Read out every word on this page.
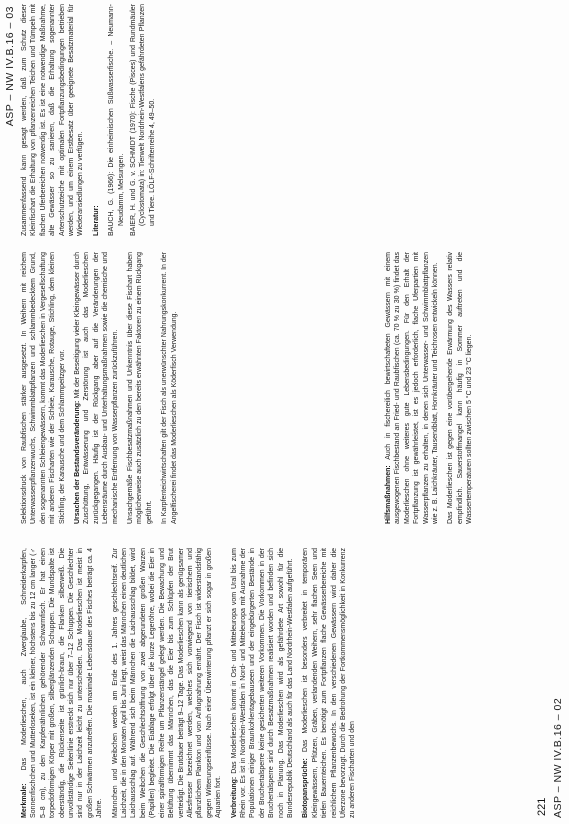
ASP – NW IV.B.16 – 03
ASP – NW IV.B.16 – 02
221

Merkmale: Das Moderlieschen, auch Zwerglaube, Schneiderkarpfen, Sonnenfischchen und Mutterloseken, ist ein kleiner, höchstens bis zu 12 cm langer (♂ 5–8 cm), zu den Karpfenähnlichen gehörender Schwarmfisch. Er hat einen torpedoförmigen Körper mit großen, silberglänzenden Schuppen. Die Mundspalte ist oberständig, die Rückenseite ist grünlich-braun, die Flanken silberweiß. Die unvollständige Seitenlinie erstreckt sich nur über 7–12 Schuppen. Die Geschlechter sind nur in der Laichzeit leicht zu unterscheiden. Das Moderlieschen ist meist in großen Schwärmen anzutreffen. Die maximale Lebensdauer des Fisches beträgt ca. 4 Jahre. Männchen und Weibchen werden am Ende des 1. Jahres geschlechtsreif. Zur Laichzeit, die in den Monaten April bis Juni liegt, weist das Männchen einen deutlichen Laichausschlag auf. Während sich beim Männchen die Laichausschlag bildet, wird beim Weibchen die Geschlechtsöffnung von zwei abgerundeten großen Warzen (Papillen) begleitet. Die Eiablage erfolgt über die kurze Legeröhre, wobei die Eier in einer spiralförmigen Reihe um Pflanzenstängel gelegt werden. Die Bewachung und Belüftung übernimmt das Männchen, das die Eier bis zum Schlüpfen der Brut verteidigt. Die Brutdauer beträgt 9–12 Tage. Das Moderlieschen kann als genügsamer Allesfresser bezeichnet werden, welches sich vorwiegend von tierischem und pflanzlichem Plankton und von Anflugnahrung ernährt. Der Fisch ist widerstandsfähig gegen Witterungseinflüsse. Nach einer Überwinterung pflanzt er sich sogar in großen Aquarien fort. Verbreitung: Das Moderlieschen kommt in Ost- und Mitteleuropa vom Ural bis zum Rhein vor. Es ist in Nordrhein-Westfalen in Nord- und Mitteleuropa mit Ausnahme der Populationen einiger Braunkohlentagebauseen und der eingebürgerten Bestände in der Bruchertalsperre keine gesicherten weiteren Vorkommen. Die Vorkommen in der Bruchertalsperre sind durch Besatzmaßnahmen realisiert worden und befinden sich noch in Planung. Das Moderlieschen wird als gefährdete Art sowohl für die Bundesrepublik Deutschland als auch für das Land Nordrhein-Westfalen aufgeführt. Biotopansprüche: Das Moderlieschen ist besonders verbreitet in temporären Kleingewässern, Pfützen, Gräben, verlandenden Weihern, sehr flachen Seen und tiefen Bauernteichen. Es benötigt zum Fortpflanzen flache Gewässerbereiche mit reichlichem Pflanzenbewuchs. In den verschiedenen Gewässern wird daher die Uferzone bevorzugt. Durch die Bedrohung der Fortkommensmöglichkeit in Konkurrenz zu anderen Fischarten und den

Selektionsdruck von Raubfischen stärker ausgesetzt. In Weihern mit reichem Unterwasserpflanzenwuchs, Schwimmblattpflanzen und schlammbedecktem Grund, den sogenannten Schleiengewässern, kommt das Moderlieschen in Vergesellschaftung mit anderen Fischarten wie der Schleie, Karausche, Rotauge, Stichling, dem kleinen Stichling, der Karausche und dem Schlammpeitzger vor. Ursachen der Bestandsveränderung: Mit der Beseitigung vieler Kleingewässer durch Zuschüttung, Entwässerung und Zerstörung ist auch das Moderlieschen zurückgegangen. Häufig ist der Rückgang aber auf die Veränderungen der Lebensräume durch Ausbau- und Unterhaltungsmaßnahmen sowie die chemische und mechanische Entfernung von Wasserpflanzen zurückzuführen. Unsachgemäße Fischbesatzmaßnahmen und Unkenntnis über diese Fischart haben möglicherweise auch zusätzlich zu den bereits erwähnten Faktoren zu einem Rückgang geführt. In Karpfenteichwirtschaften gilt der Fisch als unerwünschter Nahrungskonkurrent. In der Angelfischerei findet das Moderlieschen als Köderfisch Verwendung.	Hilfsmaßnahmen: Auch in fischereilich bewirtschafteten Gewässern mit einem ausgewogenen Fischbestand an Fried- und Raubfischen (ca. 70 % zu 30 %) findet das Moderlieschen ohne weiteres gute Lebensbedingungen. Für den Erhalt der Fortpflanzung ist gewährleistet, ist es jedoch erforderlich, flache Uferpartien mit Wasserpflanzen zu erhalten, in denen sich Unterwasser- und Schwimmblattpflanzen wie z. B. Laichkräuter, Tausendblatt, Hornkräuter und Teichrosen entwickeln können. Das Moderlieschen ist gegen eine vorübergehende Erwärmung des Wassers relativ empfindlich. Sauerstoffmangel kann häufig in Sommer auftreten und die Wassertemperaturen sollten zwischen 5 °C und 23 °C liegen.

Zusammenfassend kann gesagt werden, daß zum Schutz dieser Kleinfischart die Erhaltung von pflanzenreichen Teichen und Tümpeln mit flachen Uferbereichen notwendig ist. Es ist eine notwendige Maßnahme, alte Gewässer so zu sanieren, daß die Erhaltung sogenannter Artenschutzteiche mit optimalen Fortpflanzungsbedingungen betrieben werden, und um einem Erstbesatz über geeignete Besatzmaterial für Wiederansiedlungen zu verfügen. Literatur: BAUCH, G. (1966): Die einheimischen Süßwasserfische. – Neumann-Neudamm, Melsungen. BAIER, H. und G. v. SCHMIDT (1970): Fische (Pisces) und Rundmäuler (Cyclostomata) in: Tierwelt Nordrhein-Westfalens gefährdeten Pflanzen und Tiere. LÖLF-Schriftenreihe 4, 49–50.
